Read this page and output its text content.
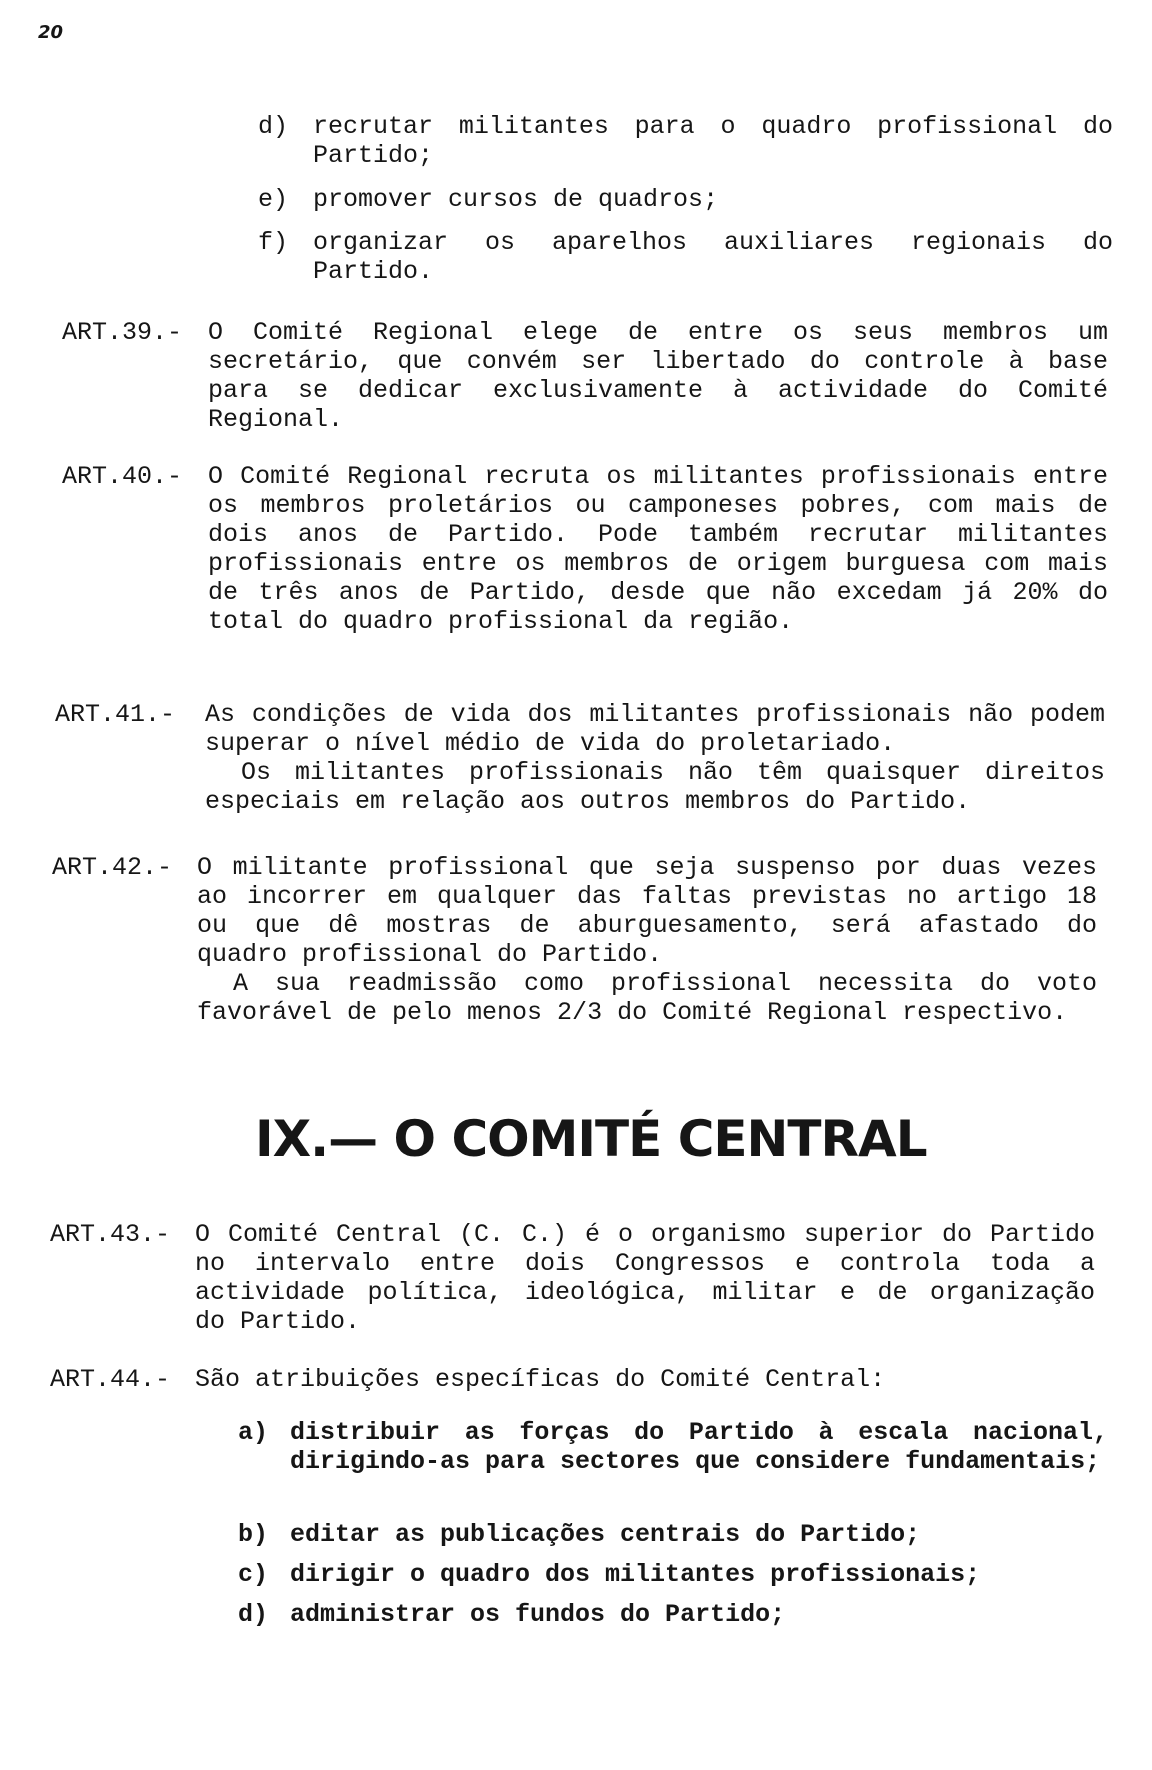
20
d) recrutar militantes para o quadro profissional do Partido;
e) promover cursos de quadros;
f) organizar os aparelhos auxiliares regionais do Partido.
ART.39.- O Comité Regional elege de entre os seus membros um secretário, que convém ser libertado do controle à base para se dedicar exclusivamente à actividade do Comité Regional.

ART.40.- O Comité Regional recruta os militantes profissionais entre os membros proletários ou camponeses pobres, com mais de dois anos de Partido. Pode também recrutar militantes profissionais entre os membros de origem burguesa com mais de três anos de Partido, desde que não excedam já 20% do total do quadro profissional da região.

ART.41.- As condições de vida dos militantes profissionais não podem superar o nível médio de vida do proletariado.

Os militantes profissionais não têm quaisquer direitos especiais em relação aos outros membros do Partido.

ART.42.- O militante profissional que seja suspenso por duas vezes ao incorrer em qualquer das faltas previstas no artigo 18 ou que dê mostras de aburguesamento, será afastado do quadro profissional do Partido.

A sua readmissão como profissional necessita do voto favorável de pelo menos 2/3 do Comité Regional respectivo.

IX.— O COMITÉ CENTRAL
ART.43.- O Comité Central (C. C.) é o organismo superior do Partido no intervalo entre dois Congressos e controla toda a actividade política, ideológica, militar e de organização do Partido.

ART.44.- São atribuições específicas do Comité Central:

a) distribuir as forças do Partido à escala nacional, dirigindo-as para sectores que considere fundamentais;
b) editar as publicações centrais do Partido;
c) dirigir o quadro dos militantes profissionais;
d) administrar os fundos do Partido;
